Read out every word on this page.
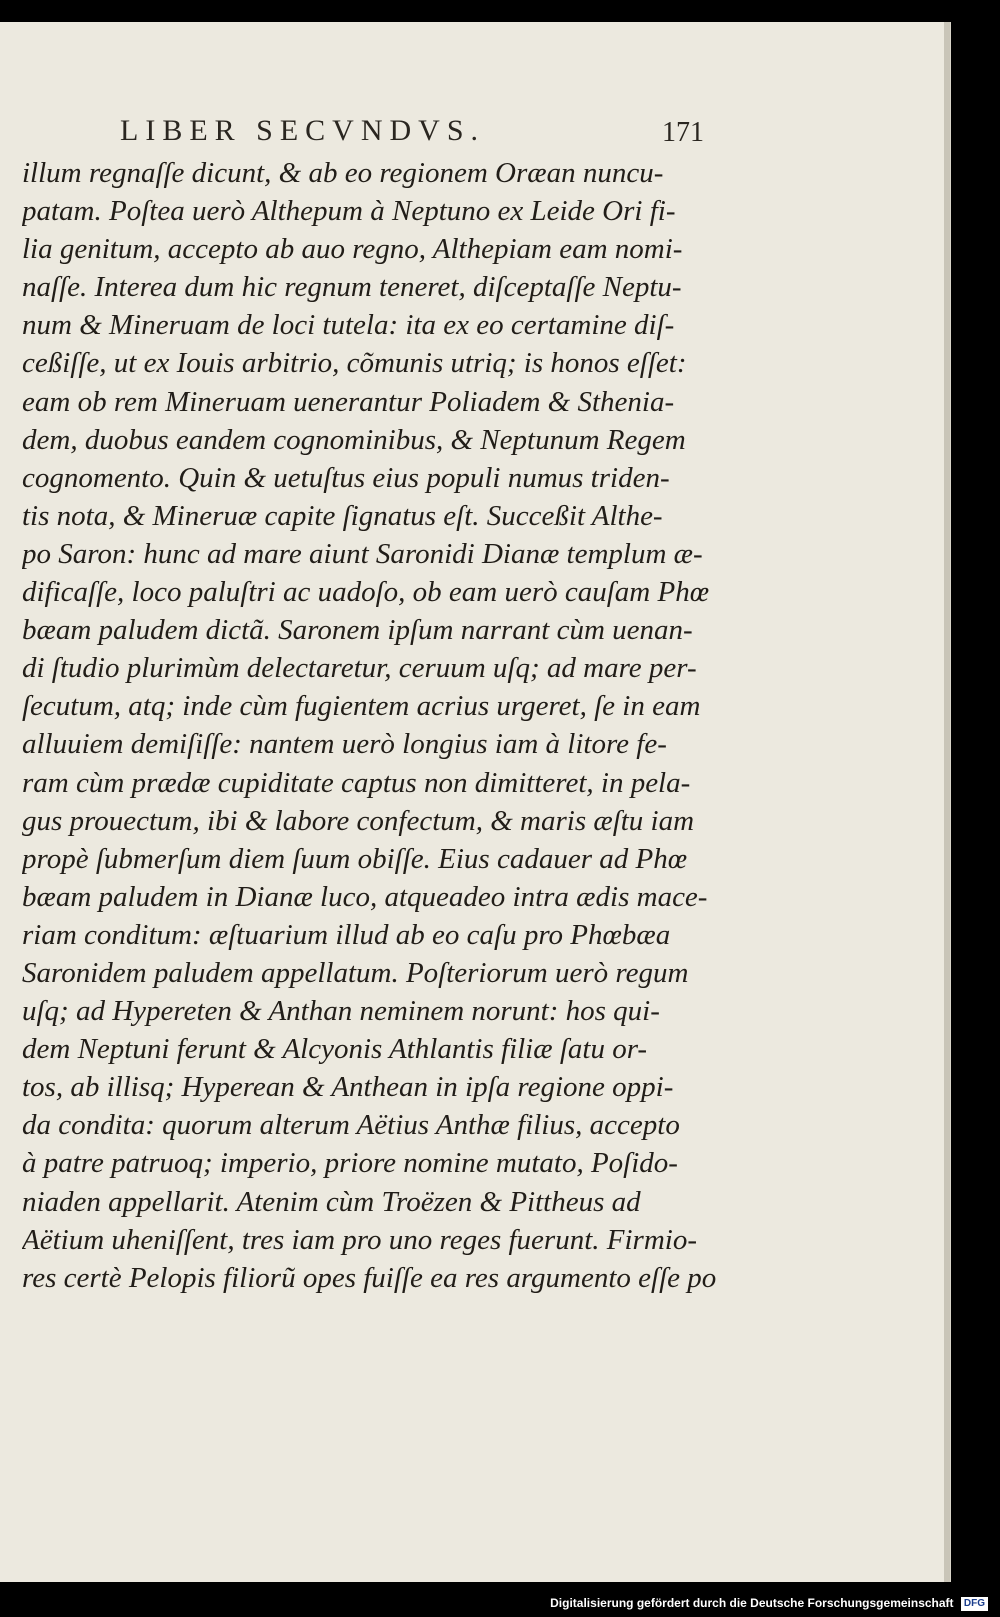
LIBER SECVNDVS.	171
illum regnaſſe dicunt, & ab eo regionem Oræan nuncu-
patam. Poſtea uerò Althepum à Neptuno ex Leide Ori fi-
lia genitum, accepto ab auo regno, Althepiam eam nomi-
naſſe. Interea dum hic regnum teneret, diſceptaſſe Neptu-
num & Mineruam de loci tutela: ita ex eo certamine diſ-
ceßiſſe, ut ex Iouis arbitrio, cõmunis utriq; is honos eſſet:
eam ob rem Mineruam uenerantur Poliadem & Stheniа-
dem, duobus eandem cognominibus, & Neptunum Regem
cognomento. Quin & uetuſtus eius populi numus triden-
tis nota, & Mineruæ capite ſignatus eſt. Succeßit Althe-
po Saron: hunc ad mare aiunt Saronidi Dianæ templum æ-
dificaſſe, loco paluſtri ac uadoſo, ob eam uerò cauſam Phœ
bæam paludem dictã. Saronem ipſum narrant cùm uenan-
di ſtudio plurimùm delectaretur, ceruum uſq; ad mare per-
ſecutum, atq; inde cùm fugientem acrius urgeret, ſe in eam
alluuiem demiſiſſe: nantem uerò longius iam à litore fe-
ram cùm prædæ cupiditate captus non dimitteret, in pela-
gus prouectum, ibi & labore confectum, & maris æſtu iam
propè ſubmerſum diem ſuum obiſſe. Eius cadauer ad Phœ
bæam paludem in Dianæ luco, atqueadeo intra ædis mace-
riam conditum: æſtuarium illud ab eo caſu pro Phœbæa
Saronidem paludem appellatum. Poſteriorum uerò regum
uſq; ad Hypereten & Anthan neminem norunt: hos qui-
dem Neptuni ferunt & Alcyonis Athlantis filiæ ſatu or-
tos, ab illisq; Hyperean & Anthean in ipſa regione oppi-
da condita: quorum alterum Aëtius Anthæ filius, accepto
à patre patruoq; imperio, priore nomine mutato, Poſido-
niaden appellarit. Atenim cùm Troëzen & Pittheus ad
Aëtium uheniſſent, tres iam pro uno reges fuerunt. Firmio-
res certè Pelopis filiorũ opes fuiſſe ea res argumento eſſe po
Digitalisierung gefördert durch die Deutsche Forschungsgemeinschaft DFG
